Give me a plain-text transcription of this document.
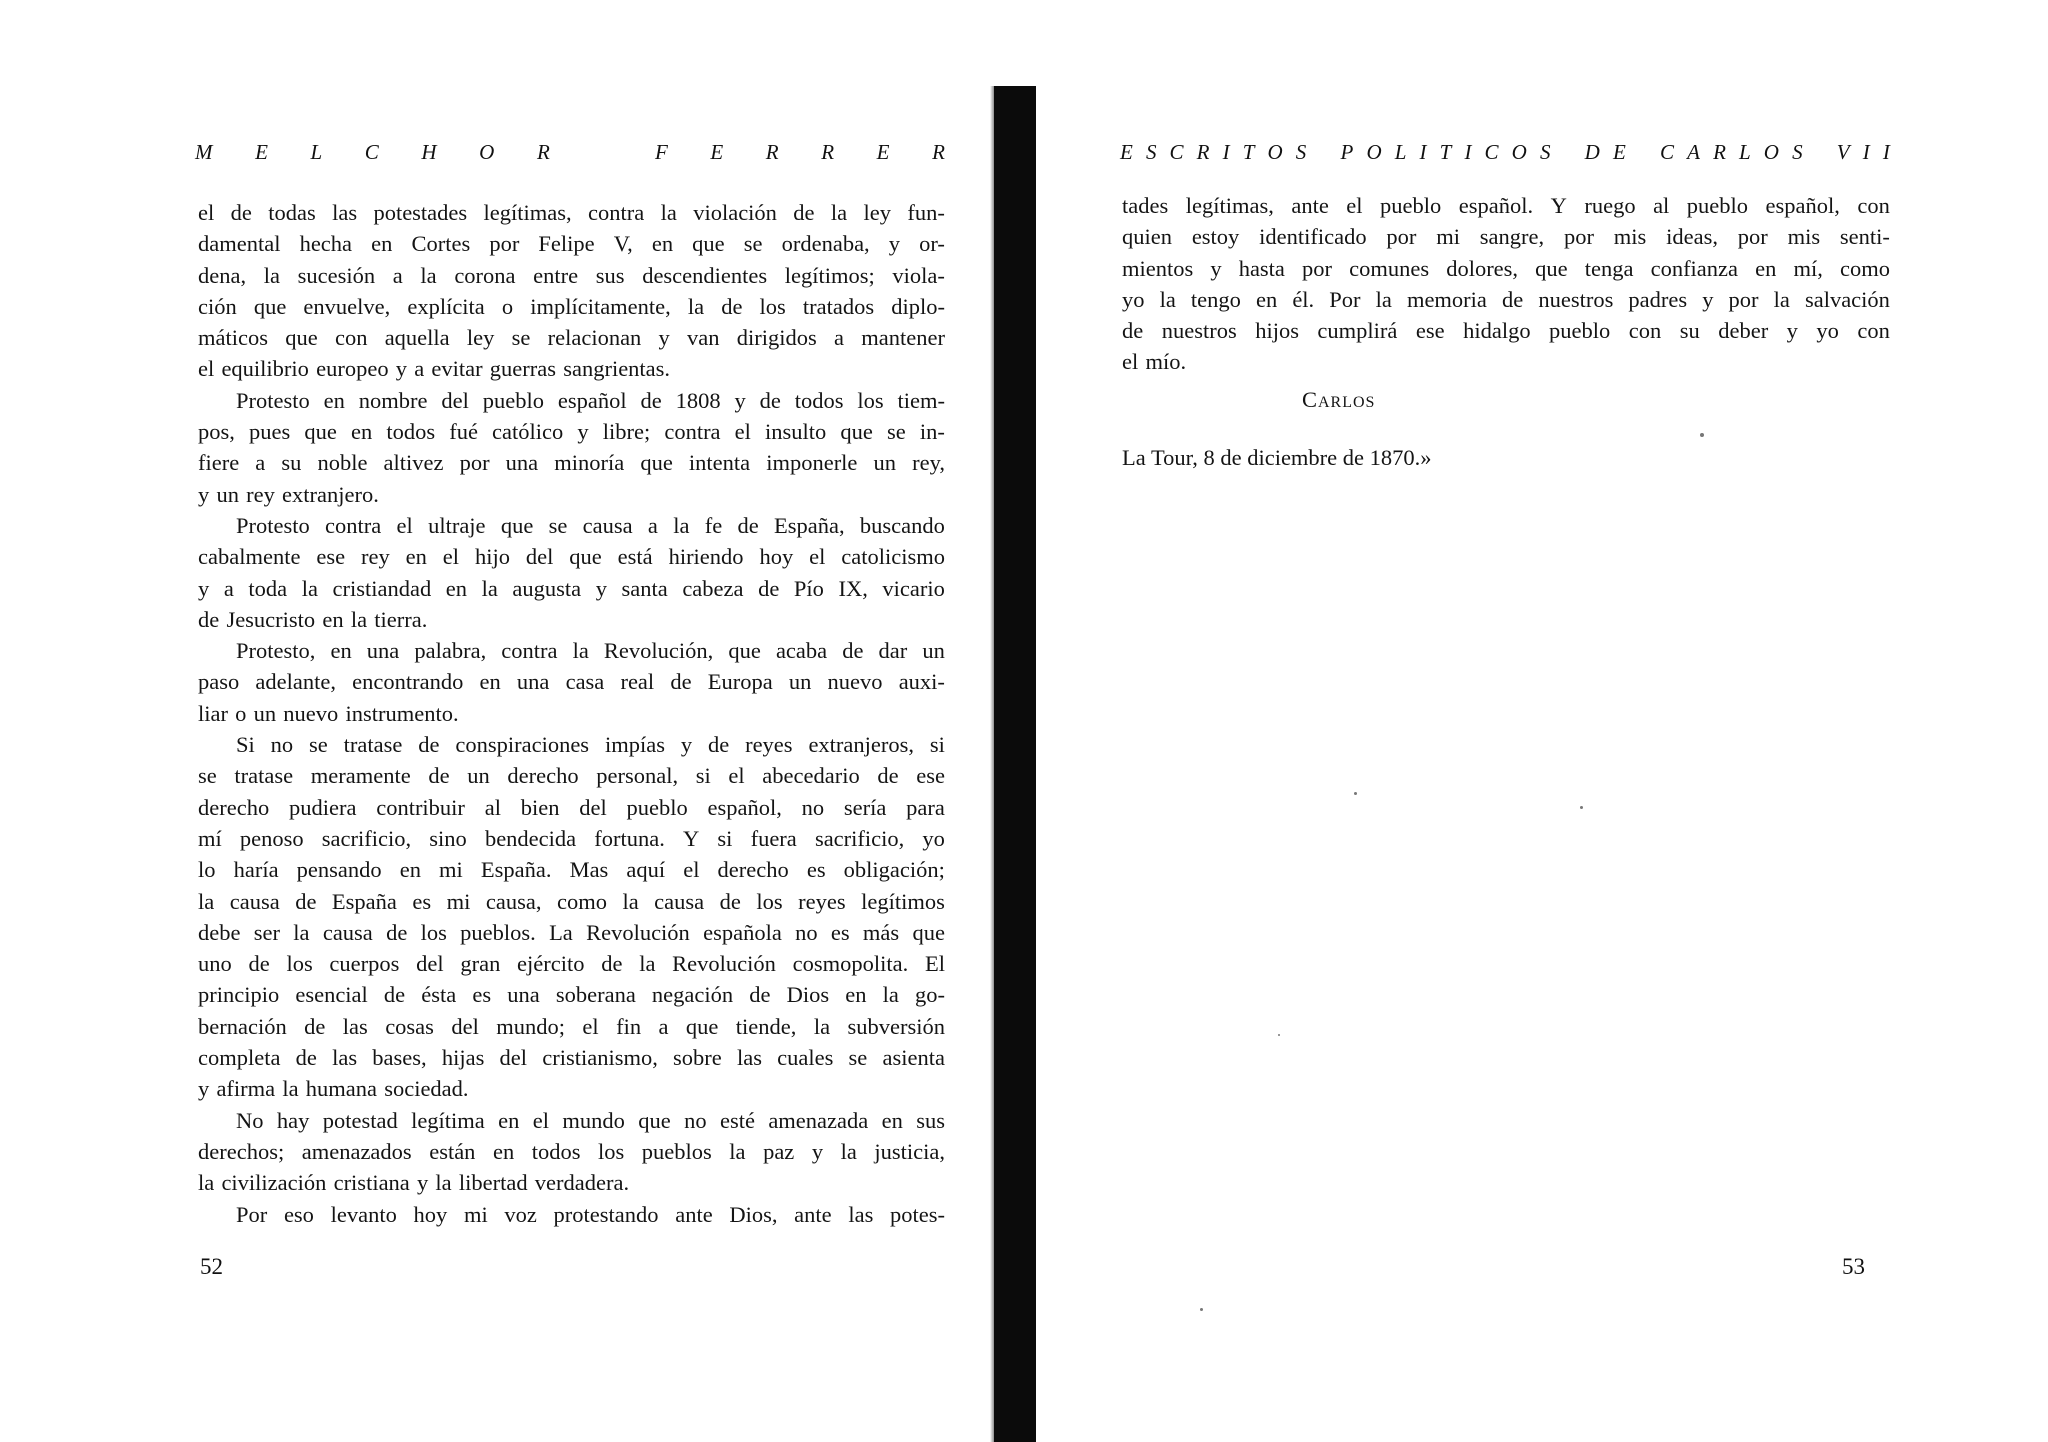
M E L C H O R	F E R R E R
el de todas las potestades legítimas, contra la violación de la ley fun-
damental hecha en Cortes por Felipe V, en que se ordenaba, y or-
dena, la sucesión a la corona entre sus descendientes legítimos; viola-
ción que envuelve, explícita o implícitamente, la de los tratados diplo-
máticos que con aquella ley se relacionan y van dirigidos a mantener
el equilibrio europeo y a evitar guerras sangrientas.
Protesto en nombre del pueblo español de 1808 y de todos los tiem-
pos, pues que en todos fué católico y libre; contra el insulto que se in-
fiere a su noble altivez por una minoría que intenta imponerle un rey,
y un rey extranjero.
Protesto contra el ultraje que se causa a la fe de España, buscando
cabalmente ese rey en el hijo del que está hiriendo hoy el catolicismo
y a toda la cristiandad en la augusta y santa cabeza de Pío IX, vicario
de Jesucristo en la tierra.
Protesto, en una palabra, contra la Revolución, que acaba de dar un
paso adelante, encontrando en una casa real de Europa un nuevo auxi-
liar o un nuevo instrumento.
Si no se tratase de conspiraciones impías y de reyes extranjeros, si
se tratase meramente de un derecho personal, si el abecedario de ese
derecho pudiera contribuir al bien del pueblo español, no sería para
mí penoso sacrificio, sino bendecida fortuna. Y si fuera sacrificio, yo
lo haría pensando en mi España. Mas aquí el derecho es obligación;
la causa de España es mi causa, como la causa de los reyes legítimos
debe ser la causa de los pueblos. La Revolución española no es más que
uno de los cuerpos del gran ejército de la Revolución cosmopolita. El
principio esencial de ésta es una soberana negación de Dios en la go-
bernación de las cosas del mundo; el fin a que tiende, la subversión
completa de las bases, hijas del cristianismo, sobre las cuales se asienta
y afirma la humana sociedad.
No hay potestad legítima en el mundo que no esté amenazada en sus
derechos; amenazados están en todos los pueblos la paz y la justicia,
la civilización cristiana y la libertad verdadera.
Por eso levanto hoy mi voz protestando ante Dios, ante las potes-
52
E S C R I T O S P O L I T I C O S D E C A R L O S V I I
tades legítimas, ante el pueblo español. Y ruego al pueblo español, con
quien estoy identificado por mi sangre, por mis ideas, por mis senti-
mientos y hasta por comunes dolores, que tenga confianza en mí, como
yo la tengo en él. Por la memoria de nuestros padres y por la salvación
de nuestros hijos cumplirá ese hidalgo pueblo con su deber y yo con
el mío.
Carlos
La Tour, 8 de diciembre de 1870.»
53
